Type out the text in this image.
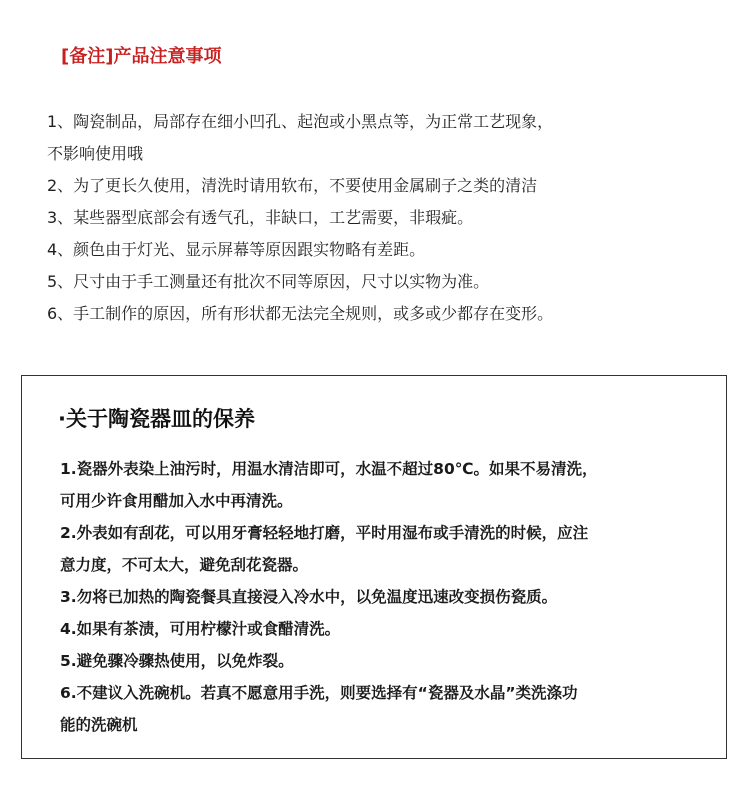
[备注]产品注意事项
1、陶瓷制品，局部存在细小凹孔、起泡或小黑点等，为正常工艺现象，
不影响使用哦
2、为了更长久使用，清洗时请用软布，不要使用金属刷子之类的清洁
3、某些器型底部会有透气孔，非缺口，工艺需要，非瑕疵。
4、颜色由于灯光、显示屏幕等原因跟实物略有差距。
5、尺寸由于手工测量还有批次不同等原因，尺寸以实物为准。
6、手工制作的原因，所有形状都无法完全规则，或多或少都存在变形。
·关于陶瓷器皿的保养
1.瓷器外表染上油污时，用温水清洁即可，水温不超过80℃。如果不易清洗，
可用少许食用醋加入水中再清洗。
2.外表如有刮花，可以用牙膏轻轻地打磨，平时用湿布或手清洗的时候，应注
意力度，不可太大，避免刮花瓷器。
3.勿将已加热的陶瓷餐具直接浸入冷水中，以免温度迅速改变损伤瓷质。
4.如果有茶渍，可用柠檬汁或食醋清洗。
5.避免骤冷骤热使用，以免炸裂。
6.不建议入洗碗机。若真不愿意用手洗，则要选择有“瓷器及水晶”类洗涤功
能的洗碗机
